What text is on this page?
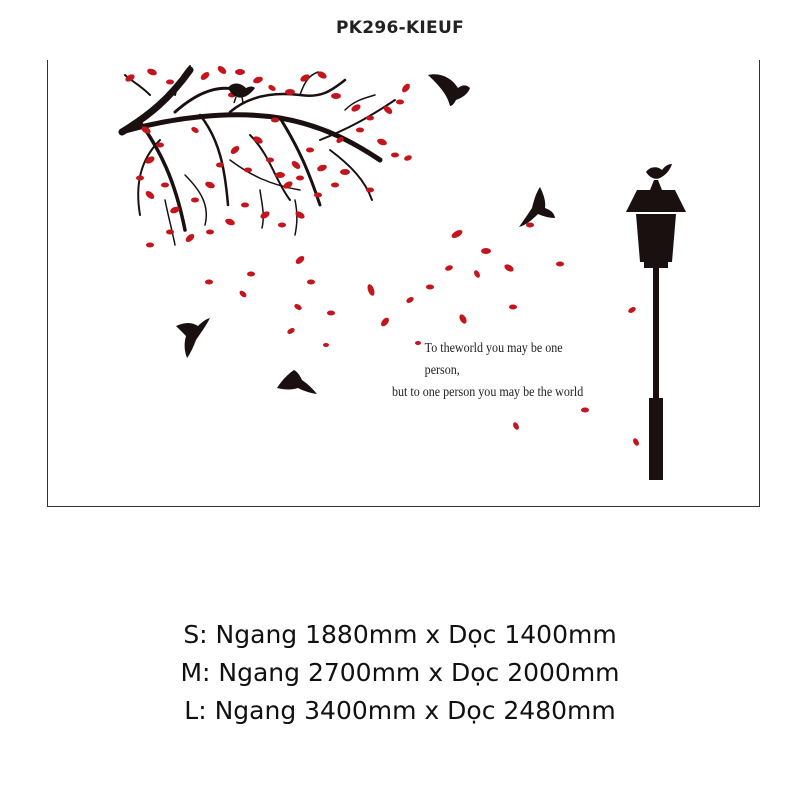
PK296-KIEUF
To theworld you may be one person,
but to one person you may be the world
S: Ngang 1880mm x Dọc 1400mm
M: Ngang 2700mm x Dọc 2000mm
L: Ngang 3400mm x Dọc 2480mm
